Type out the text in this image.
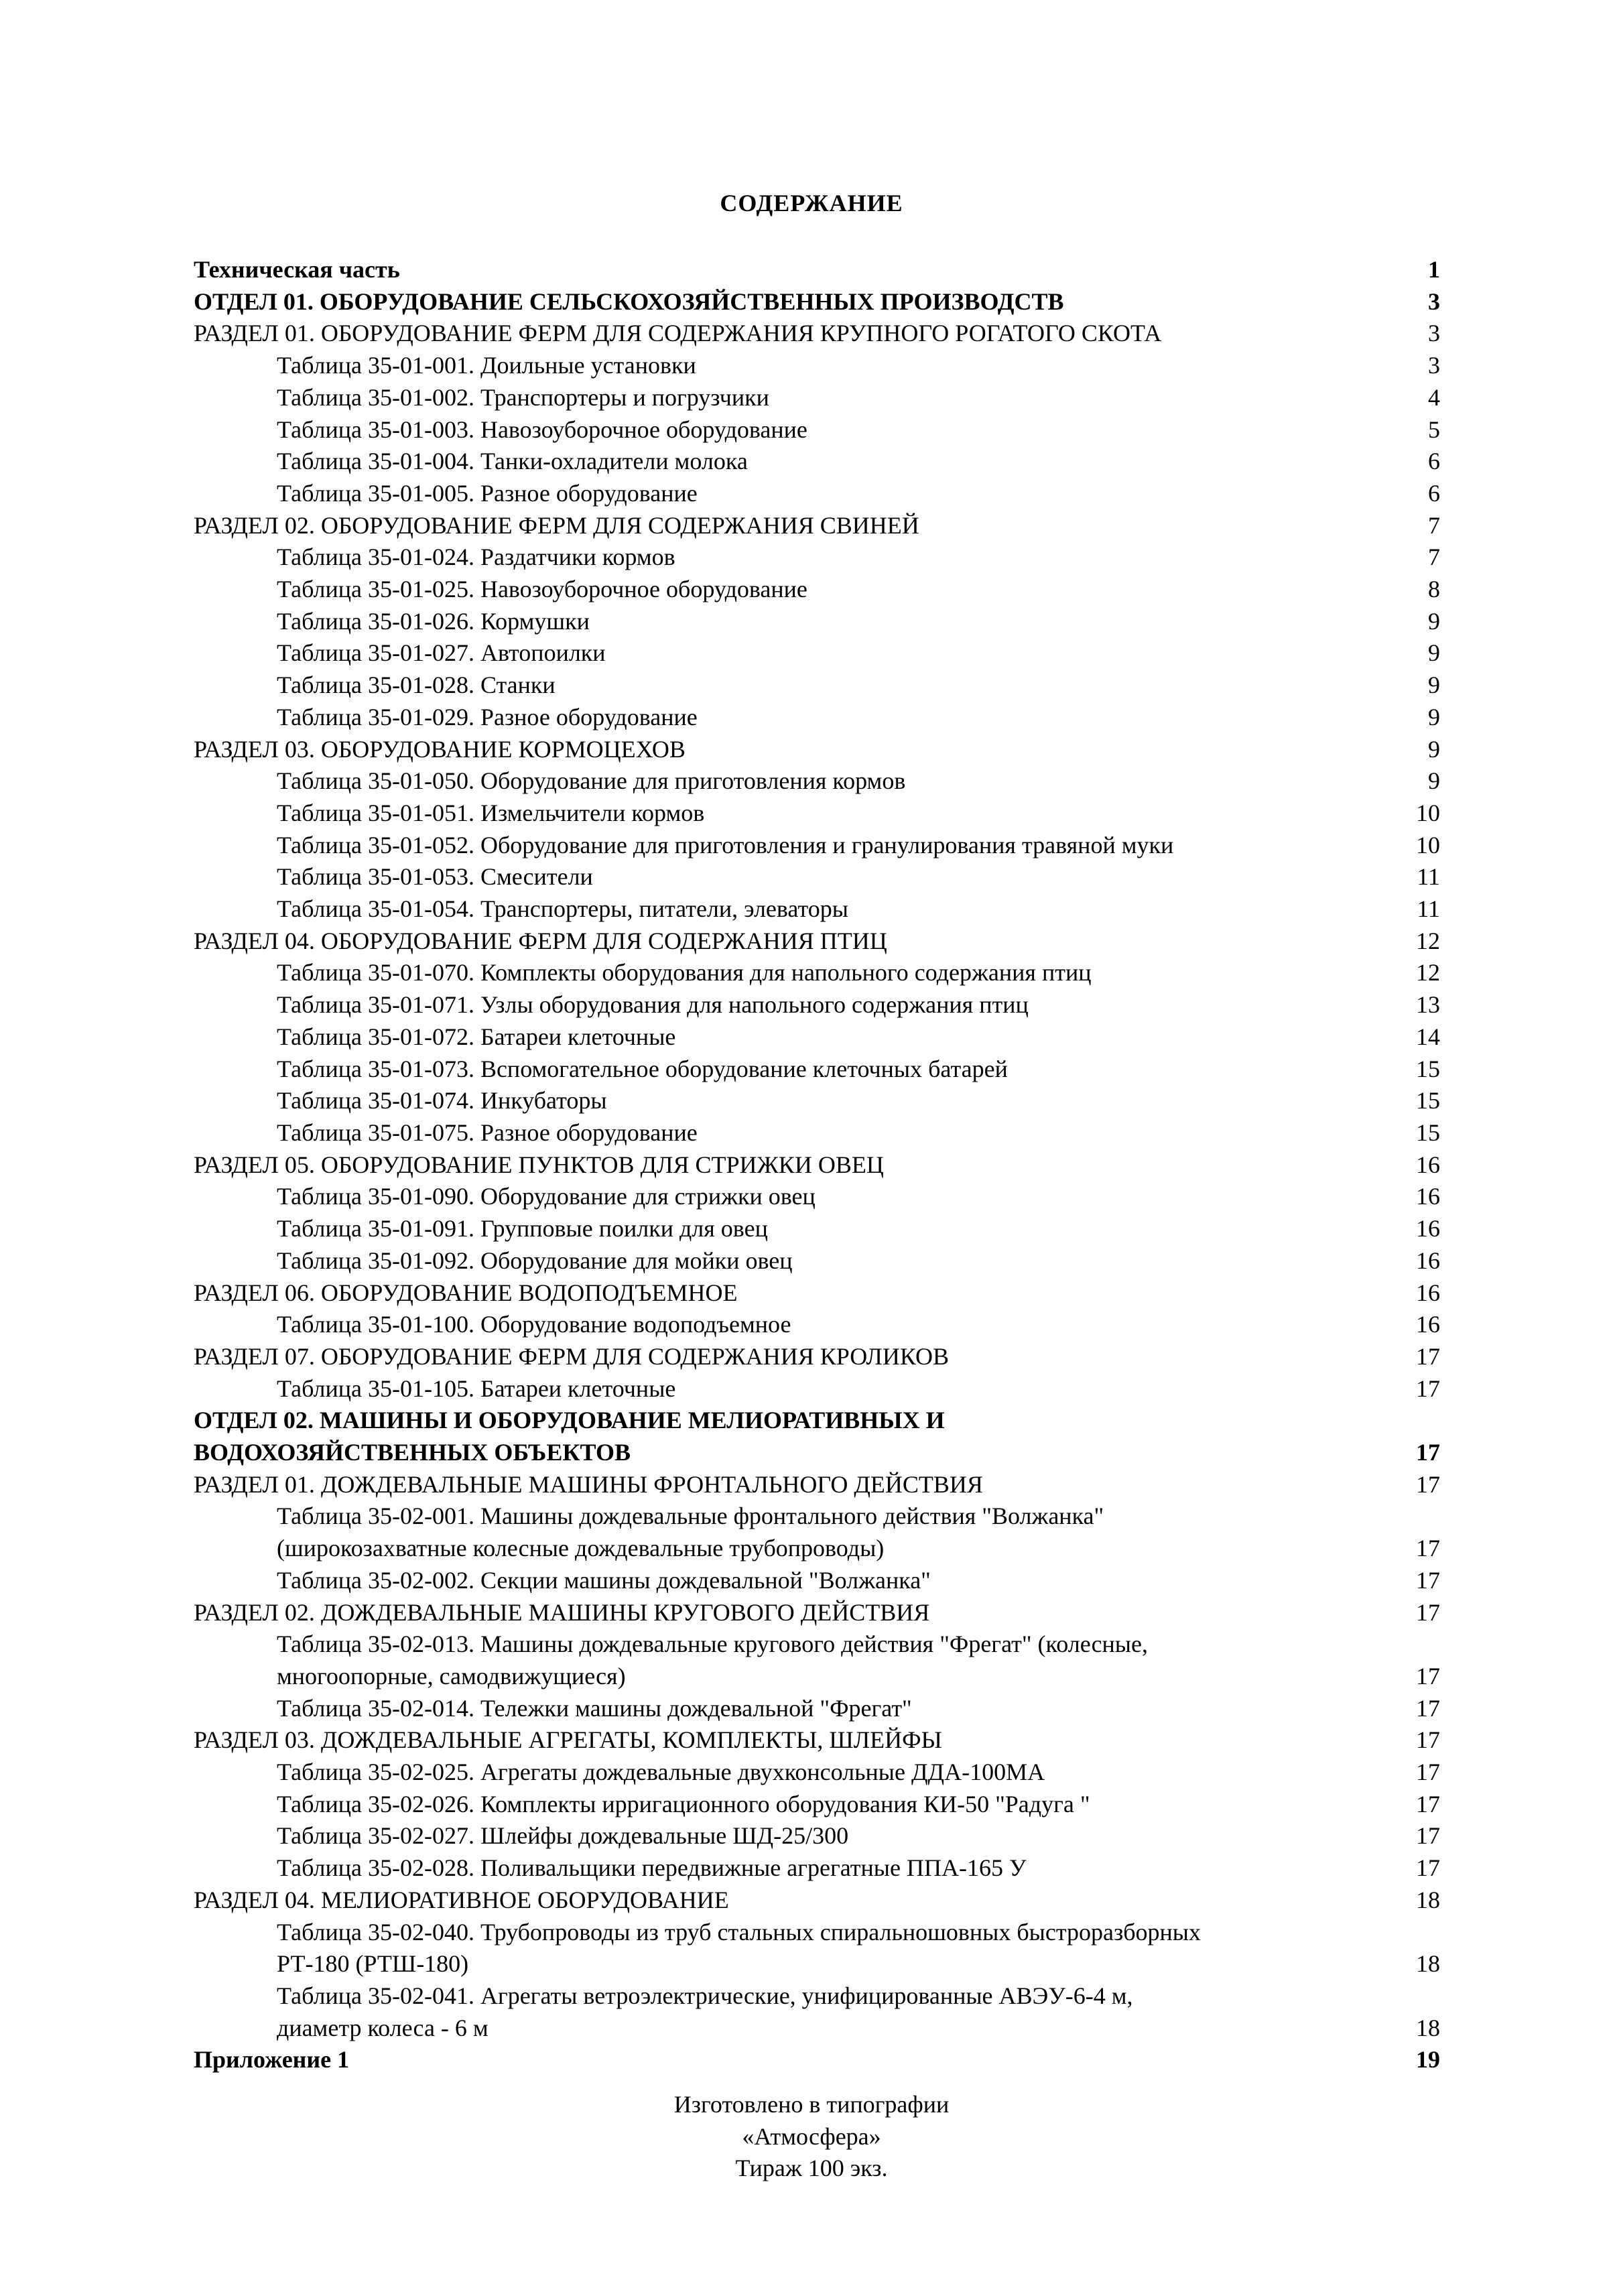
СОДЕРЖАНИЕ
Техническая часть	1
ОТДЕЛ 01. ОБОРУДОВАНИЕ СЕЛЬСКОХОЗЯЙСТВЕННЫХ ПРОИЗВОДСТВ	3
РАЗДЕЛ 01. ОБОРУДОВАНИЕ ФЕРМ ДЛЯ СОДЕРЖАНИЯ КРУПНОГО РОГАТОГО СКОТА	3
Таблица 35-01-001. Доильные установки	3
Таблица 35-01-002. Транспортеры и погрузчики	4
Таблица 35-01-003. Навозоуборочное оборудование	5
Таблица 35-01-004. Танки-охладители молока	6
Таблица 35-01-005. Разное оборудование	6
РАЗДЕЛ 02. ОБОРУДОВАНИЕ ФЕРМ ДЛЯ СОДЕРЖАНИЯ СВИНЕЙ	7
Таблица 35-01-024. Раздатчики кормов	7
Таблица 35-01-025. Навозоуборочное оборудование	8
Таблица 35-01-026. Кормушки	9
Таблица 35-01-027. Автопоилки	9
Таблица 35-01-028. Станки	9
Таблица 35-01-029. Разное оборудование	9
РАЗДЕЛ 03. ОБОРУДОВАНИЕ КОРМОЦЕХОВ	9
Таблица 35-01-050. Оборудование для приготовления кормов	9
Таблица 35-01-051. Измельчители кормов	10
Таблица 35-01-052. Оборудование для приготовления и гранулирования травяной муки	10
Таблица 35-01-053. Смесители	11
Таблица 35-01-054. Транспортеры, питатели, элеваторы	11
РАЗДЕЛ 04. ОБОРУДОВАНИЕ ФЕРМ ДЛЯ СОДЕРЖАНИЯ ПТИЦ	12
Таблица 35-01-070. Комплекты оборудования для напольного содержания птиц	12
Таблица 35-01-071. Узлы оборудования для напольного содержания птиц	13
Таблица 35-01-072. Батареи клеточные	14
Таблица 35-01-073. Вспомогательное оборудование клеточных батарей	15
Таблица 35-01-074. Инкубаторы	15
Таблица 35-01-075. Разное оборудование	15
РАЗДЕЛ 05. ОБОРУДОВАНИЕ ПУНКТОВ ДЛЯ СТРИЖКИ ОВЕЦ	16
Таблица 35-01-090. Оборудование для стрижки овец	16
Таблица 35-01-091. Групповые поилки для овец	16
Таблица 35-01-092. Оборудование для мойки овец	16
РАЗДЕЛ 06. ОБОРУДОВАНИЕ ВОДОПОДЪЕМНОЕ	16
Таблица 35-01-100. Оборудование водоподъемное	16
РАЗДЕЛ 07. ОБОРУДОВАНИЕ ФЕРМ ДЛЯ СОДЕРЖАНИЯ КРОЛИКОВ	17
Таблица 35-01-105. Батареи клеточные	17
ОТДЕЛ 02. МАШИНЫ И ОБОРУДОВАНИЕ МЕЛИОРАТИВНЫХ И
ВОДОХОЗЯЙСТВЕННЫХ ОБЪЕКТОВ	17
РАЗДЕЛ 01. ДОЖДЕВАЛЬНЫЕ МАШИНЫ ФРОНТАЛЬНОГО ДЕЙСТВИЯ	17
Таблица 35-02-001. Машины дождевальные фронтального действия "Волжанка"
(широкозахватные колесные дождевальные трубопроводы)	17
Таблица 35-02-002. Секции машины дождевальной "Волжанка"	17
РАЗДЕЛ 02. ДОЖДЕВАЛЬНЫЕ МАШИНЫ КРУГОВОГО ДЕЙСТВИЯ	17
Таблица 35-02-013. Машины дождевальные кругового действия "Фрегат" (колесные,
многоопорные, самодвижущиеся)	17
Таблица 35-02-014. Тележки машины дождевальной "Фрегат"	17
РАЗДЕЛ 03. ДОЖДЕВАЛЬНЫЕ АГРЕГАТЫ, КОМПЛЕКТЫ, ШЛЕЙФЫ	17
Таблица 35-02-025. Агрегаты дождевальные двухконсольные ДДА-100МА	17
Таблица 35-02-026. Комплекты ирригационного оборудования КИ-50 "Радуга "	17
Таблица 35-02-027. Шлейфы дождевальные ШД-25/300	17
Таблица 35-02-028. Поливальщики передвижные агрегатные ППА-165 У	17
РАЗДЕЛ 04. МЕЛИОРАТИВНОЕ ОБОРУДОВАНИЕ	18
Таблица 35-02-040. Трубопроводы из труб стальных спиральношовных быстроразборных
РТ-180 (РТШ-180)	18
Таблица 35-02-041. Агрегаты ветроэлектрические, унифицированные АВЭУ-6-4 м,
диаметр колеса - 6 м	18
Приложение 1	19
Изготовлено в типографии
«Атмосфера»
Тираж 100 экз.
